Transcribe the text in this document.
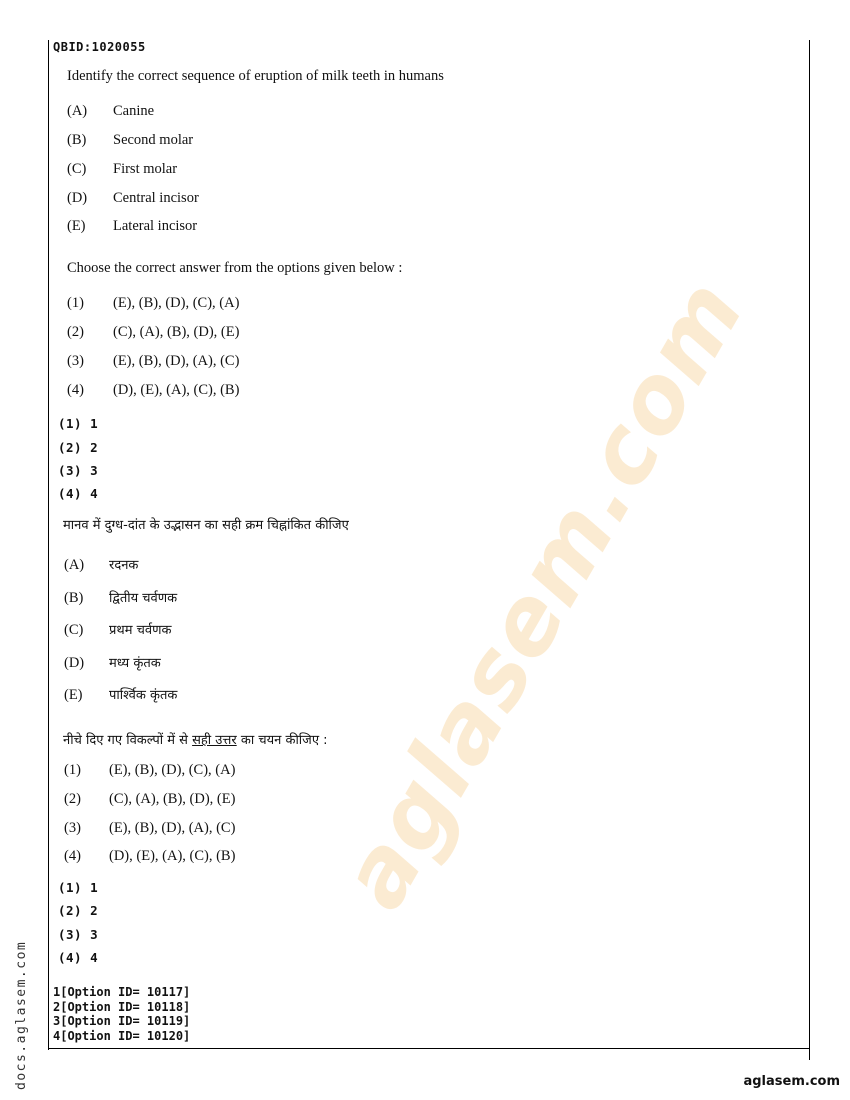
aglasem.com
QBID:1020055
Identify the correct sequence of eruption of milk teeth in humans
(A) Canine
(B) Second molar
(C) First molar
(D) Central incisor
(E) Lateral incisor
Choose the correct answer from the options given below :
(1) (E), (B), (D), (C), (A)
(2) (C), (A), (B), (D), (E)
(3) (E), (B), (D), (A), (C)
(4) (D), (E), (A), (C), (B)
(1) 1
(2) 2
(3) 3
(4) 4
मानव में दुग्ध-दांत के उद्भासन का सही क्रम चिह्नांकित कीजिए
(A) रदनक
(B) द्वितीय चर्वणक
(C) प्रथम चर्वणक
(D) मध्य कृंतक
(E) पार्श्विक कृंतक
नीचे दिए गए विकल्पों में से सही उत्तर का चयन कीजिए :
(1) (E), (B), (D), (C), (A)
(2) (C), (A), (B), (D), (E)
(3) (E), (B), (D), (A), (C)
(4) (D), (E), (A), (C), (B)
(1) 1
(2) 2
(3) 3
(4) 4
1[Option ID= 10117]
2[Option ID= 10118]
3[Option ID= 10119]
4[Option ID= 10120]
docs.aglasem.com	aglasem.com
